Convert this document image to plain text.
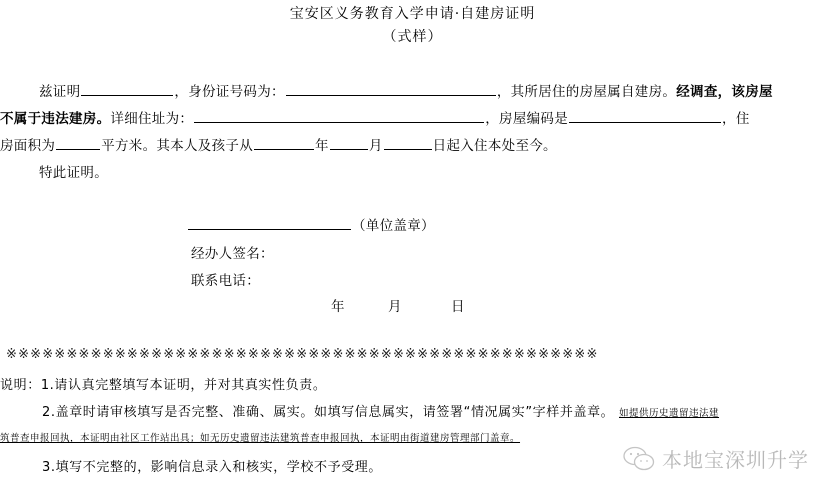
宝安区义务教育入学申请·自建房证明
（式样）
兹证明	，身份证号码为：	，其所居住的房屋属自建房。经调查，该房屋
不属于违法建房。详细住址为：	，房屋编码是	，住
房面积为	平方米。其本人及孩子从	年	月	日起入住本处至今。
特此证明。
（单位盖章）
经办人签名：
联系电话：
年	月	日
※※※※※※※※※※※※※※※※※※※※※※※※※※※※※※※※※※※※※※※※※※※※※※※※※
说明：1.请认真完整填写本证明，并对其真实性负责。
2.盖章时请审核填写是否完整、准确、属实。如填写信息属实，请签署“情况属实”字样并盖章。 如提供历史遗留违法建
筑普查申报回执，本证明由社区工作站出具；如无历史遗留违法建筑普查申报回执，本证明由街道建房管理部门盖章。
3.填写不完整的，影响信息录入和核实，学校不予受理。	本地宝深圳升学
